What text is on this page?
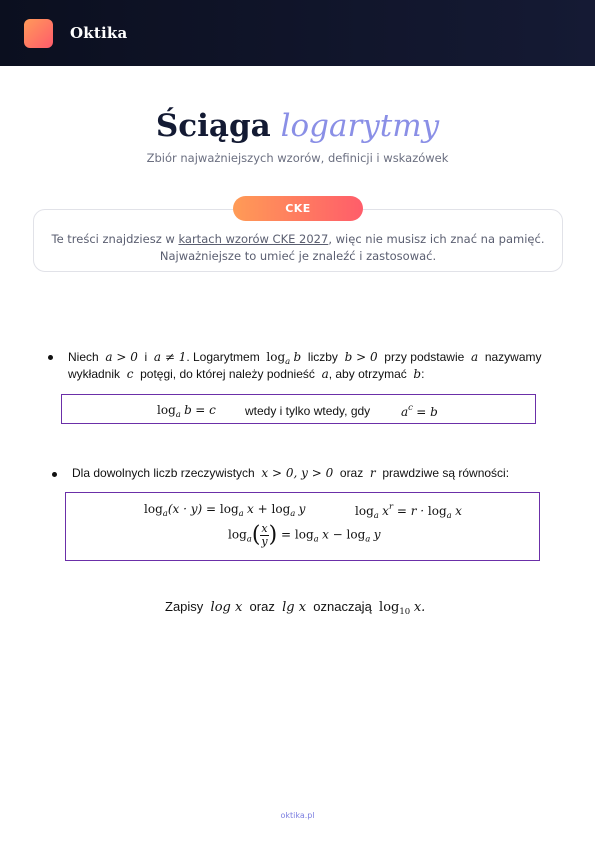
Oktika
Ściąga logarytmy
Zbiór najważniejszych wzorów, definicji i wskazówek
Te treści znajdziesz w kartach wzorów CKE 2027, więc nie musisz ich znać na pamięć.
Najważniejsze to umieć je znaleźć i zastosować.
CKE
Niech a > 0 i a ≠ 1. Logarytmem $\log_a b$ liczby b > 0 przy podstawie a nazywamy
wykładnik c potęgi, do której należy podnieść a, aby otrzymać b:
$\log_a b = c$ wtedy i tylko wtedy, gdy	$a^c = b$
Dla dowolnych liczb rzeczywistych x > 0, y > 0 oraz r prawdziwe są równości:
$\log_a(x \cdot y) = \log_a x + \log_a y$	$\log_a x^r = r \cdot \log_a x$
$\log_a( \frac{x}{y}$ ) = $\log_a x - \log_a y$
Zapisy log x oraz lg x oznaczają $\log_{10} x$.
oktika.pl
